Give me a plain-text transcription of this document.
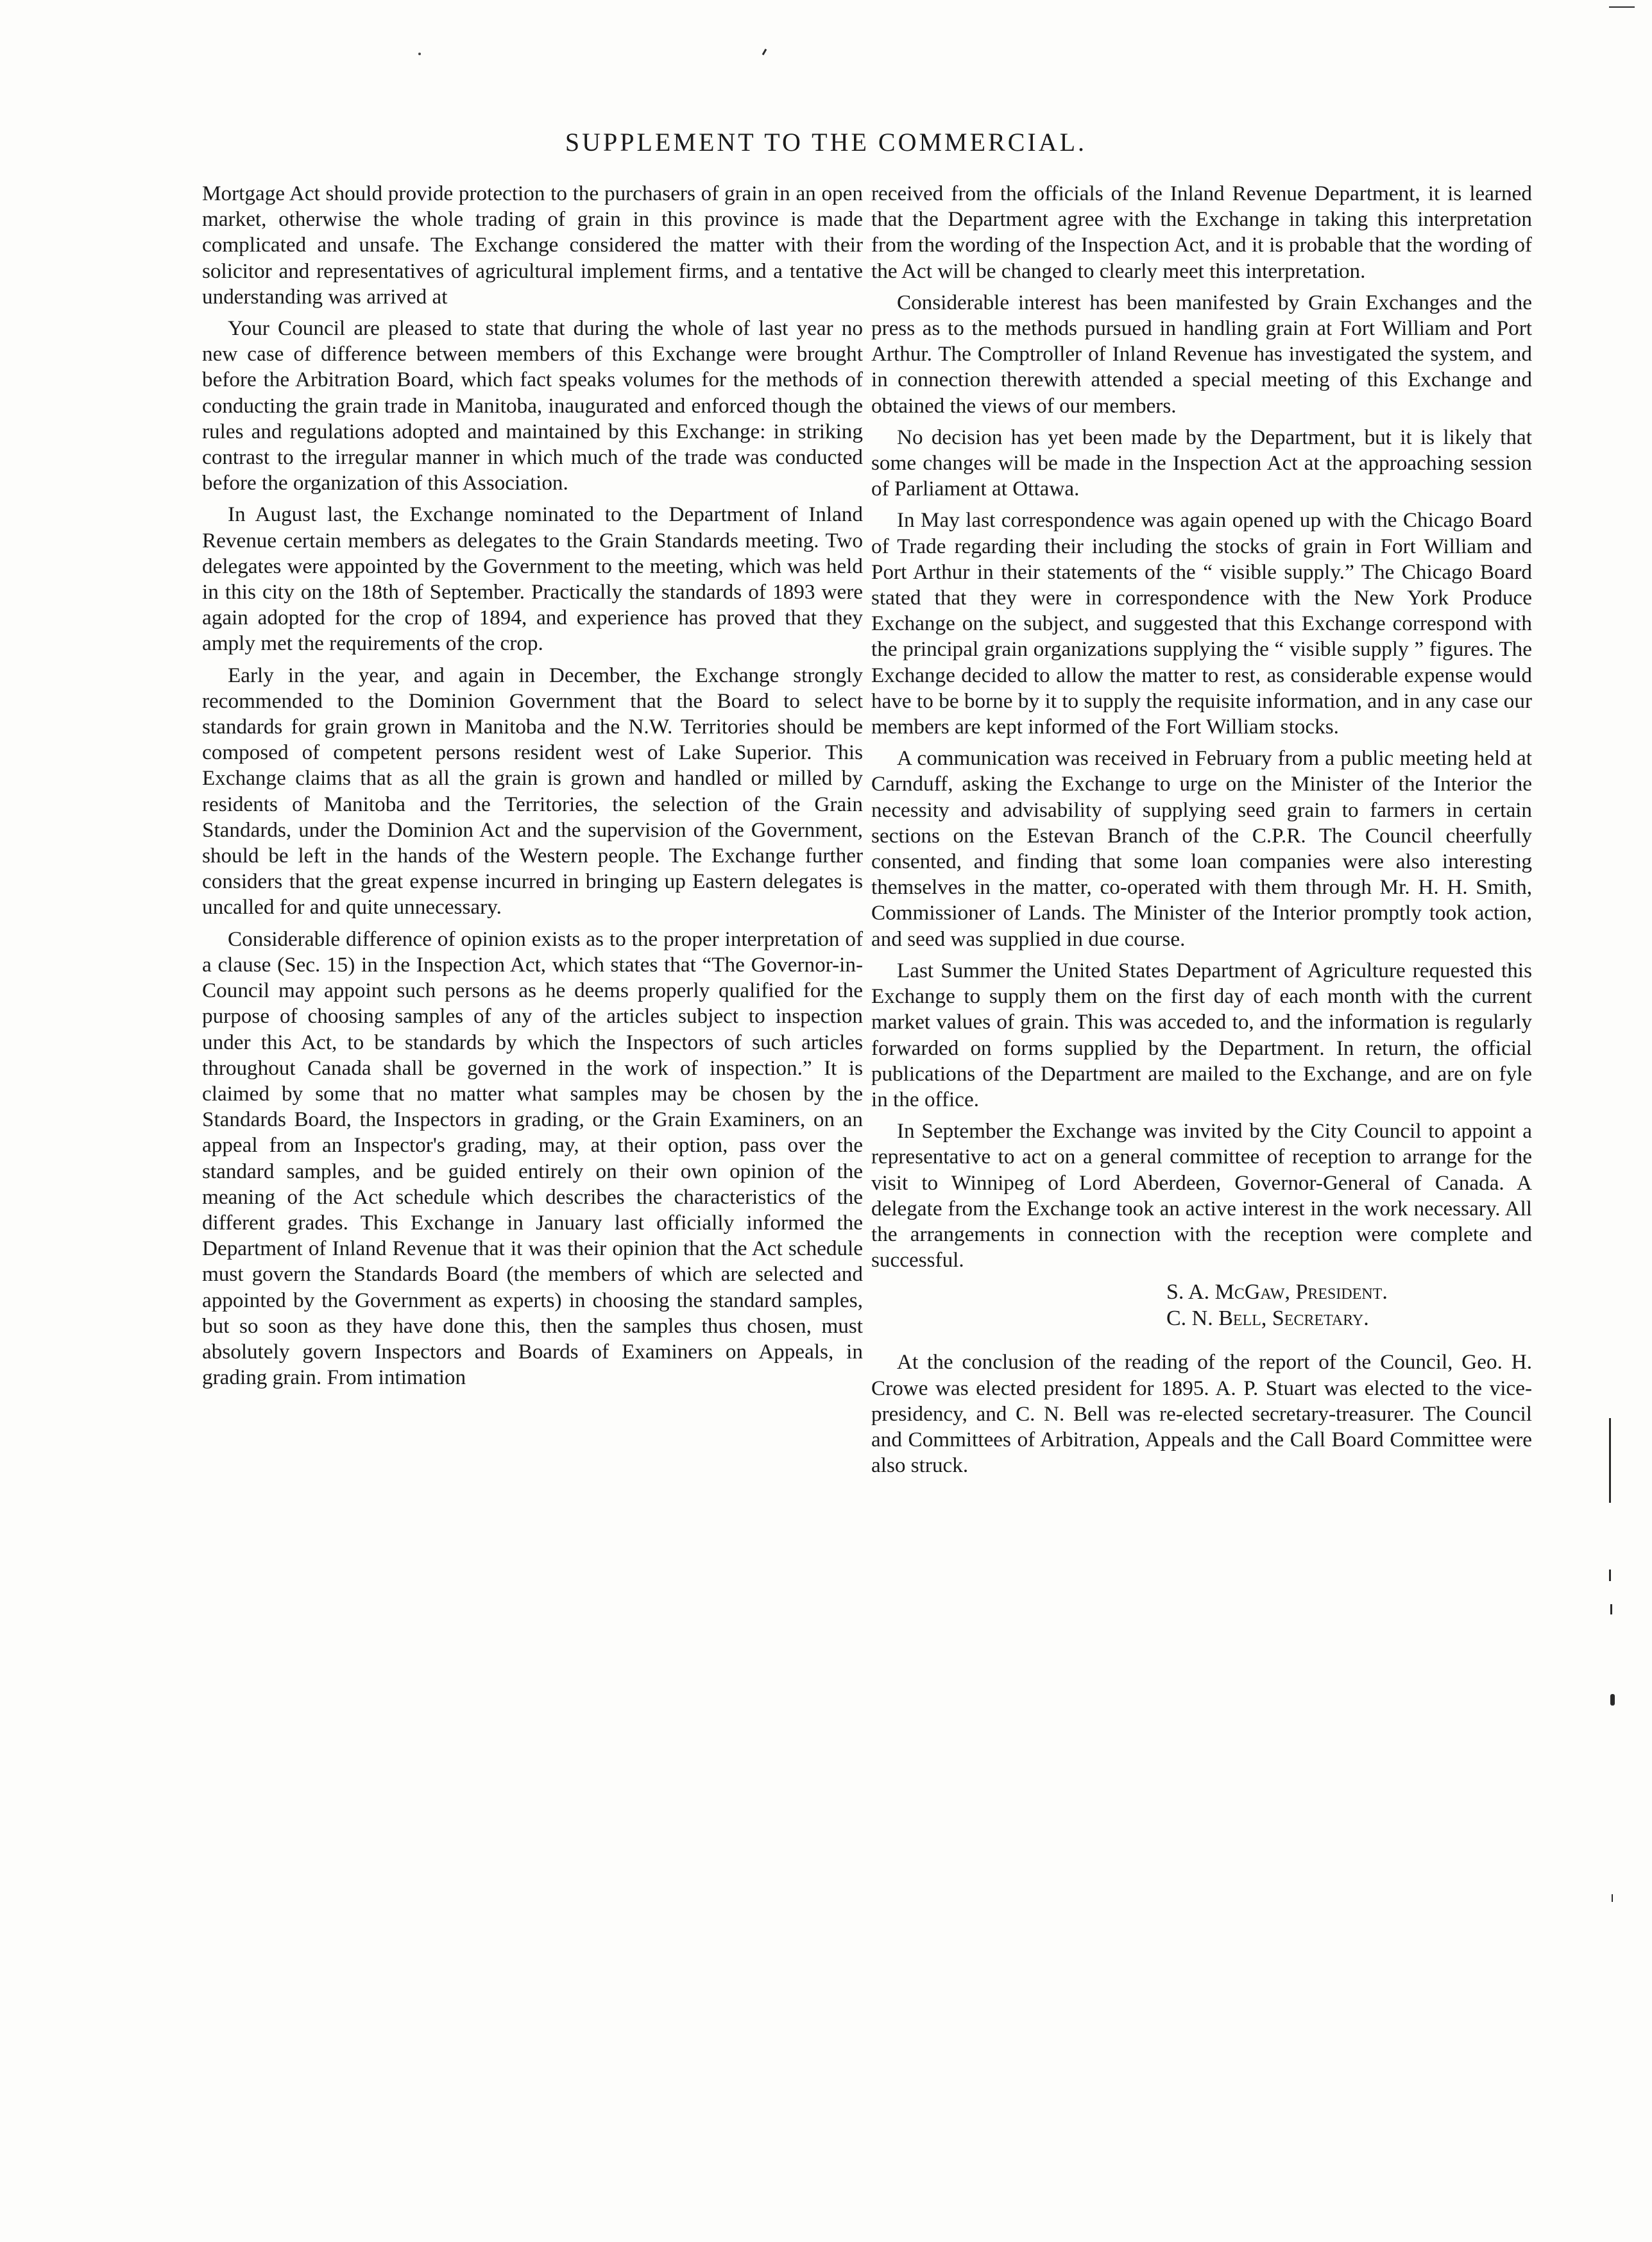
SUPPLEMENT TO THE COMMERCIAL.

Mortgage Act should provide protection to the purchasers of grain in an open market, otherwise the whole trading of grain in this province is made complicated and unsafe. The Exchange considered the matter with their solicitor and representatives of agricultural implement firms, and a tentative understanding was arrived at

Your Council are pleased to state that during the whole of last year no new case of difference between members of this Exchange were brought before the Arbitration Board, which fact speaks volumes for the methods of conducting the grain trade in Manitoba, inaugurated and enforced though the rules and regulations adopted and maintained by this Exchange: in striking contrast to the irregular manner in which much of the trade was conducted before the organization of this Association.

In August last, the Exchange nominated to the Department of Inland Revenue certain members as delegates to the Grain Standards meeting. Two delegates were appointed by the Government to the meeting, which was held in this city on the 18th of September. Practically the standards of 1893 were again adopted for the crop of 1894, and experience has proved that they amply met the requirements of the crop.

Early in the year, and again in December, the Exchange strongly recommended to the Dominion Government that the Board to select standards for grain grown in Manitoba and the N.W. Territories should be composed of competent persons resident west of Lake Superior. This Exchange claims that as all the grain is grown and handled or milled by residents of Manitoba and the Territories, the selection of the Grain Standards, under the Dominion Act and the supervision of the Government, should be left in the hands of the Western people. The Exchange further considers that the great expense incurred in bringing up Eastern delegates is uncalled for and quite unnecessary.

Considerable difference of opinion exists as to the proper interpretation of a clause (Sec. 15) in the Inspection Act, which states that “The Governor-in-Council may appoint such persons as he deems properly qualified for the purpose of choosing samples of any of the articles subject to inspection under this Act, to be standards by which the Inspectors of such articles throughout Canada shall be governed in the work of inspection.” It is claimed by some that no matter what samples may be chosen by the Standards Board, the Inspectors in grading, or the Grain Examiners, on an appeal from an Inspector's grading, may, at their option, pass over the standard samples, and be guided entirely on their own opinion of the meaning of the Act schedule which describes the characteristics of the different grades. This Exchange in January last officially informed the Department of Inland Revenue that it was their opinion that the Act schedule must govern the Standards Board (the members of which are selected and appointed by the Government as experts) in choosing the standard samples, but so soon as they have done this, then the samples thus chosen, must absolutely govern Inspectors and Boards of Examiners on Appeals, in grading grain. From intimation

received from the officials of the Inland Revenue Department, it is learned that the Department agree with the Exchange in taking this interpretation from the wording of the Inspection Act, and it is probable that the wording of the Act will be changed to clearly meet this interpretation.

Considerable interest has been manifested by Grain Exchanges and the press as to the methods pursued in handling grain at Fort William and Port Arthur. The Comptroller of Inland Revenue has investigated the system, and in connection therewith attended a special meeting of this Exchange and obtained the views of our members.

No decision has yet been made by the Department, but it is likely that some changes will be made in the Inspection Act at the approaching session of Parliament at Ottawa.

In May last correspondence was again opened up with the Chicago Board of Trade regarding their including the stocks of grain in Fort William and Port Arthur in their statements of the “ visible supply.” The Chicago Board stated that they were in correspondence with the New York Produce Exchange on the subject, and suggested that this Exchange correspond with the principal grain organizations supplying the “ visible supply ” figures. The Exchange decided to allow the matter to rest, as considerable expense would have to be borne by it to supply the requisite information, and in any case our members are kept informed of the Fort William stocks.

A communication was received in February from a public meeting held at Carnduff, asking the Exchange to urge on the Minister of the Interior the necessity and advisability of supplying seed grain to farmers in certain sections on the Estevan Branch of the C.P.R. The Council cheerfully consented, and finding that some loan companies were also interesting themselves in the matter, co-operated with them through Mr. H. H. Smith, Commissioner of Lands. The Minister of the Interior promptly took action, and seed was supplied in due course.

Last Summer the United States Department of Agriculture requested this Exchange to supply them on the first day of each month with the current market values of grain. This was acceded to, and the information is regularly forwarded on forms supplied by the Department. In return, the official publications of the Department are mailed to the Exchange, and are on fyle in the office.

In September the Exchange was invited by the City Council to appoint a representative to act on a general committee of reception to arrange for the visit to Winnipeg of Lord Aberdeen, Governor-General of Canada. A delegate from the Exchange took an active interest in the work necessary. All the arrangements in connection with the reception were complete and successful.

S. A. McGaw, President.

C. N. Bell, Secretary.

At the conclusion of the reading of the report of the Council, Geo. H. Crowe was elected president for 1895. A. P. Stuart was elected to the vice-presidency, and C. N. Bell was re-elected secretary-treasurer. The Council and Committees of Arbitration, Appeals and the Call Board Committee were also struck.
